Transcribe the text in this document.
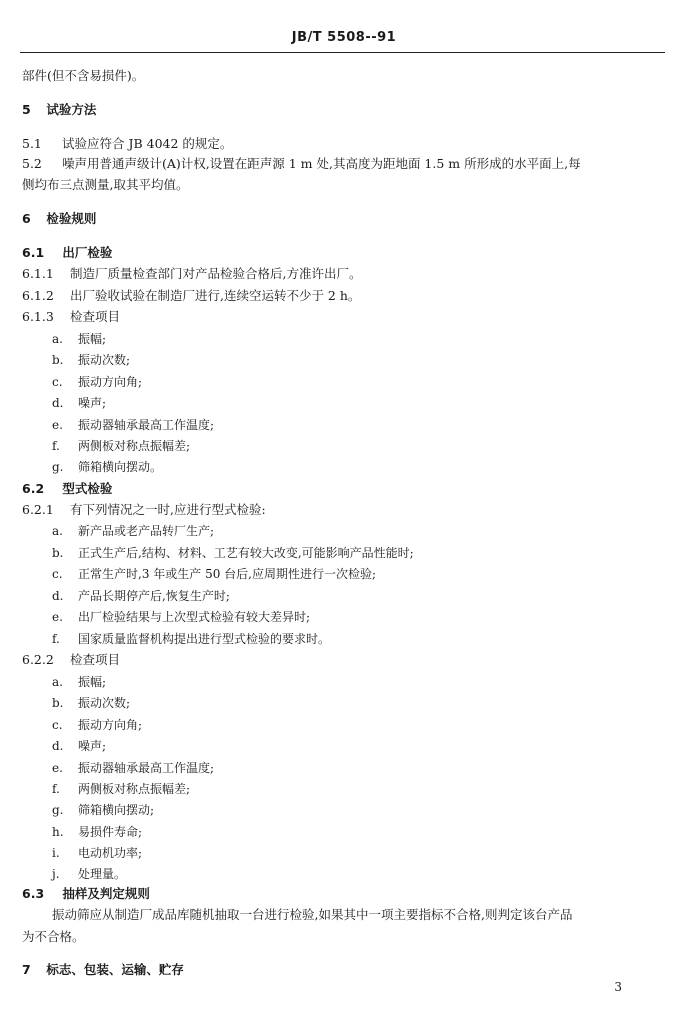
JB/T 5508--91
部件(但不含易损件)。
5 试验方法
5.1 试验应符合 JB 4042 的规定。
5.2 噪声用普通声级计(A)计权,设置在距声源 1 m 处,其高度为距地面 1.5 m 所形成的水平面上,每
侧均布三点测量,取其平均值。
6 检验规则
6.1 出厂检验
6.1.1 制造厂质量检查部门对产品检验合格后,方准许出厂。
6.1.2 出厂验收试验在制造厂进行,连续空运转不少于 2 h。
6.1.3 检查项目
a. 振幅;
b. 振动次数;
c. 振动方向角;
d. 噪声;
e. 振动器轴承最高工作温度;
f. 两侧板对称点振幅差;
g. 筛箱横向摆动。
6.2 型式检验
6.2.1 有下列情况之一时,应进行型式检验:
a. 新产品或老产品转厂生产;
b. 正式生产后,结构、材料、工艺有较大改变,可能影响产品性能时;
c. 正常生产时,3 年或生产 50 台后,应周期性进行一次检验;
d. 产品长期停产后,恢复生产时;
e. 出厂检验结果与上次型式检验有较大差异时;
f. 国家质量监督机构提出进行型式检验的要求时。
6.2.2 检查项目
a. 振幅;
b. 振动次数;
c. 振动方向角;
d. 噪声;
e. 振动器轴承最高工作温度;
f. 两侧板对称点振幅差;
g. 筛箱横向摆动;
h. 易损件寿命;
i. 电动机功率;
j. 处理量。
6.3 抽样及判定规则
振动筛应从制造厂成品库随机抽取一台进行检验,如果其中一项主要指标不合格,则判定该台产品
为不合格。
7 标志、包装、运输、贮存
3
